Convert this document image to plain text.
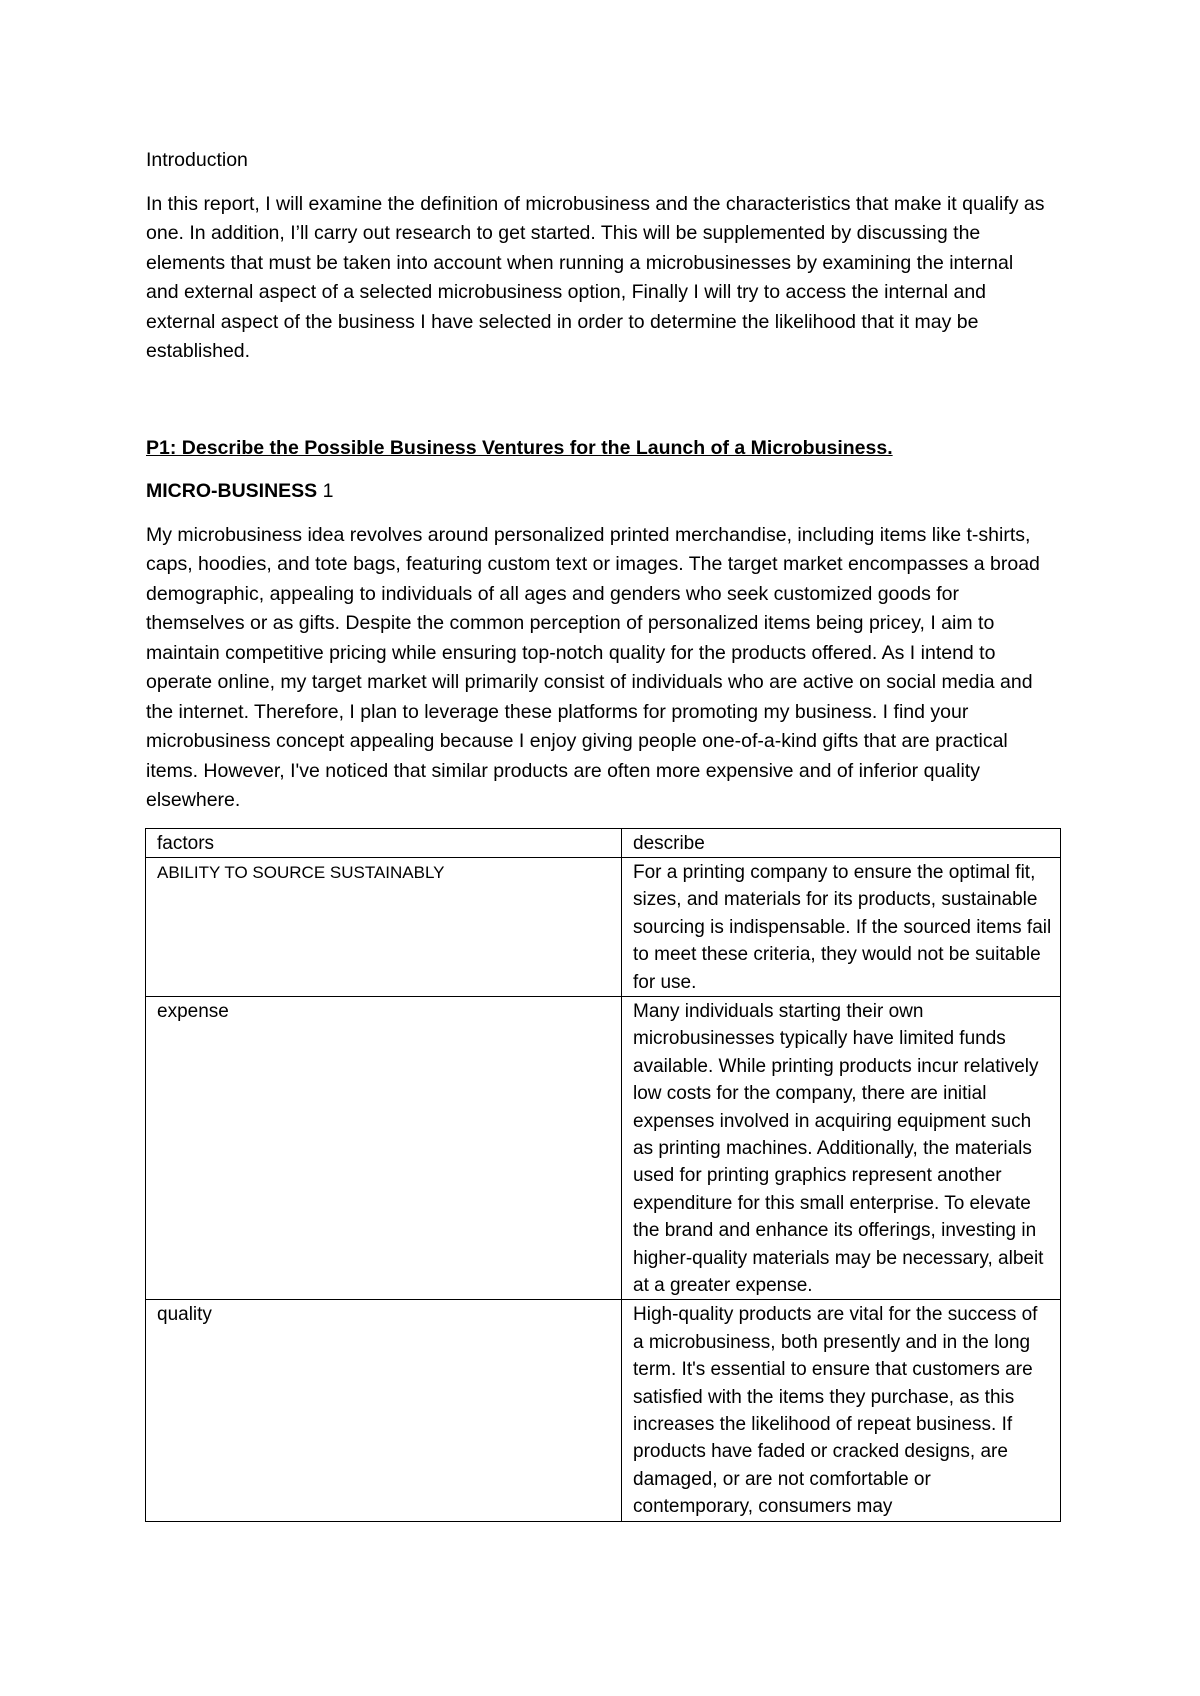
Introduction

In this report, I will examine the definition of microbusiness and the characteristics that make it qualify as one. In addition, I’ll carry out research to get started. This will be supplemented by discussing the elements that must be taken into account when running a microbusinesses by examining the internal and external aspect of a selected microbusiness option, Finally I will try to access the internal and external aspect of the business I have selected in order to determine the likelihood that it may be established.

P1: Describe the Possible Business Ventures for the Launch of a Microbusiness.
MICRO-BUSINESS 1

My microbusiness idea revolves around personalized printed merchandise, including items like t-shirts, caps, hoodies, and tote bags, featuring custom text or images. The target market encompasses a broad demographic, appealing to individuals of all ages and genders who seek customized goods for themselves or as gifts. Despite the common perception of personalized items being pricey, I aim to maintain competitive pricing while ensuring top-notch quality for the products offered. As I intend to operate online, my target market will primarily consist of individuals who are active on social media and the internet. Therefore, I plan to leverage these platforms for promoting my business. I find your microbusiness concept appealing because I enjoy giving people one-of-a-kind gifts that are practical items. However, I've noticed that similar products are often more expensive and of inferior quality elsewhere.

factors	describe
ABILITY TO SOURCE SUSTAINABLY	For a printing company to ensure the optimal fit, sizes, and materials for its products, sustainable sourcing is indispensable. If the sourced items fail to meet these criteria, they would not be suitable for use.
expense	Many individuals starting their own microbusinesses typically have limited funds available. While printing products incur relatively low costs for the company, there are initial expenses involved in acquiring equipment such as printing machines. Additionally, the materials used for printing graphics represent another expenditure for this small enterprise. To elevate the brand and enhance its offerings, investing in higher-quality materials may be necessary, albeit at a greater expense.
quality	High-quality products are vital for the success of a microbusiness, both presently and in the long term. It's essential to ensure that customers are satisfied with the items they purchase, as this increases the likelihood of repeat business. If products have faded or cracked designs, are damaged, or are not comfortable or contemporary, consumers may
